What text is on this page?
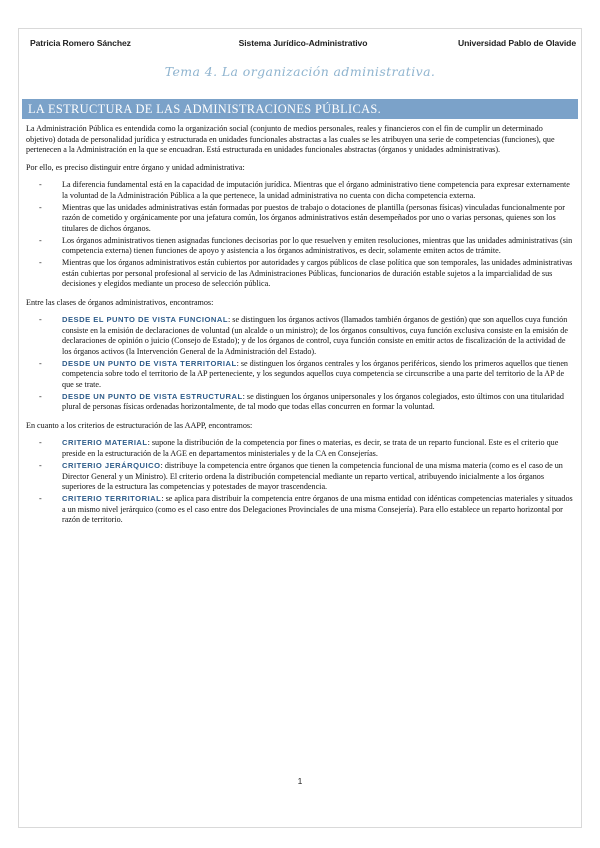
Patricia Romero Sánchez	Sistema Jurídico-Administrativo	Universidad Pablo de Olavide
Tema 4. La organización administrativa.
LA ESTRUCTURA DE LAS ADMINISTRACIONES PÚBLICAS.

La Administración Pública es entendida como la organización social (conjunto de medios personales, reales y financieros con el fin de cumplir un determinado objetivo) dotada de personalidad jurídica y estructurada en unidades funcionales abstractas a las cuales se les atribuyen una serie de competencias (funciones), que pertenecen a la Administración en la que se encuadran. Está estructurada en unidades funcionales abstractas (órganos y unidades administrativas).

Por ello, es preciso distinguir entre órgano y unidad administrativa:

- La diferencia fundamental está en la capacidad de imputación jurídica. Mientras que el órgano administrativo tiene competencia para expresar externamente la voluntad de la Administración Pública a la que pertenece, la unidad administrativa no cuenta con dicha competencia externa.
- Mientras que las unidades administrativas están formadas por puestos de trabajo o dotaciones de plantilla (personas físicas) vinculadas funcionalmente por razón de cometido y orgánicamente por una jefatura común, los órganos administrativos están desempeñados por uno o varias personas, quienes son los titulares de dichos órganos.
- Los órganos administrativos tienen asignadas funciones decisorias por lo que resuelven y emiten resoluciones, mientras que las unidades administrativas (sin competencia externa) tienen funciones de apoyo y asistencia a los órganos administrativos, es decir, solamente emiten actos de trámite.
- Mientras que los órganos administrativos están cubiertos por autoridades y cargos públicos de clase política que son temporales, las unidades administrativas están cubiertas por personal profesional al servicio de las Administraciones Públicas, funcionarios de duración estable sujetos a la imparcialidad de sus decisiones y elegidos mediante un proceso de selección pública.

Entre las clases de órganos administrativos, encontramos:

-	DESDE EL PUNTO DE VISTA FUNCIONAL: se distinguen los órganos activos (llamados también órganos de gestión) que son aquellos cuya función consiste en la emisión de declaraciones de voluntad (un alcalde o un ministro); de los órganos consultivos, cuya función exclusiva consiste en la emisión de declaraciones de opinión o juicio (Consejo de Estado); y de los órganos de control, cuya función consiste en emitir actos de fiscalización de la actividad de los órganos activos (la Intervención General de la Administración del Estado).
-	DESDE UN PUNTO DE VISTA TERRITORIAL: se distinguen los órganos centrales y los órganos periféricos, siendo los primeros aquellos que tienen competencia sobre todo el territorio de la AP perteneciente, y los segundos aquellos cuya competencia se circunscribe a una parte del territorio de la AP de que se trate.
-	DESDE UN PUNTO DE VISTA ESTRUCTURAL: se distinguen los órganos unipersonales y los órganos colegiados, esto últimos con una titularidad plural de personas físicas ordenadas horizontalmente, de tal modo que todas ellas concurren en formar la voluntad.

En cuanto a los criterios de estructuración de las AAPP, encontramos:

-	CRITERIO MATERIAL: supone la distribución de la competencia por fines o materias, es decir, se trata de un reparto funcional. Este es el criterio que preside en la estructuración de la AGE en departamentos ministeriales y de la CA en Consejerías.
-	CRITERIO JERÁRQUICO: distribuye la competencia entre órganos que tienen la competencia funcional de una misma materia (como es el caso de un Director General y un Ministro). El criterio ordena la distribución competencial mediante un reparto vertical, atribuyendo inicialmente a los órganos superiores de la estructura las competencias y potestades de mayor trascendencia.
-	CRITERIO TERRITORIAL: se aplica para distribuir la competencia entre órganos de una misma entidad con idénticas competencias materiales y situados a un mismo nivel jerárquico (como es el caso entre dos Delegaciones Provinciales de una misma Consejería). Para ello establece un reparto horizontal por razón de territorio.
1
